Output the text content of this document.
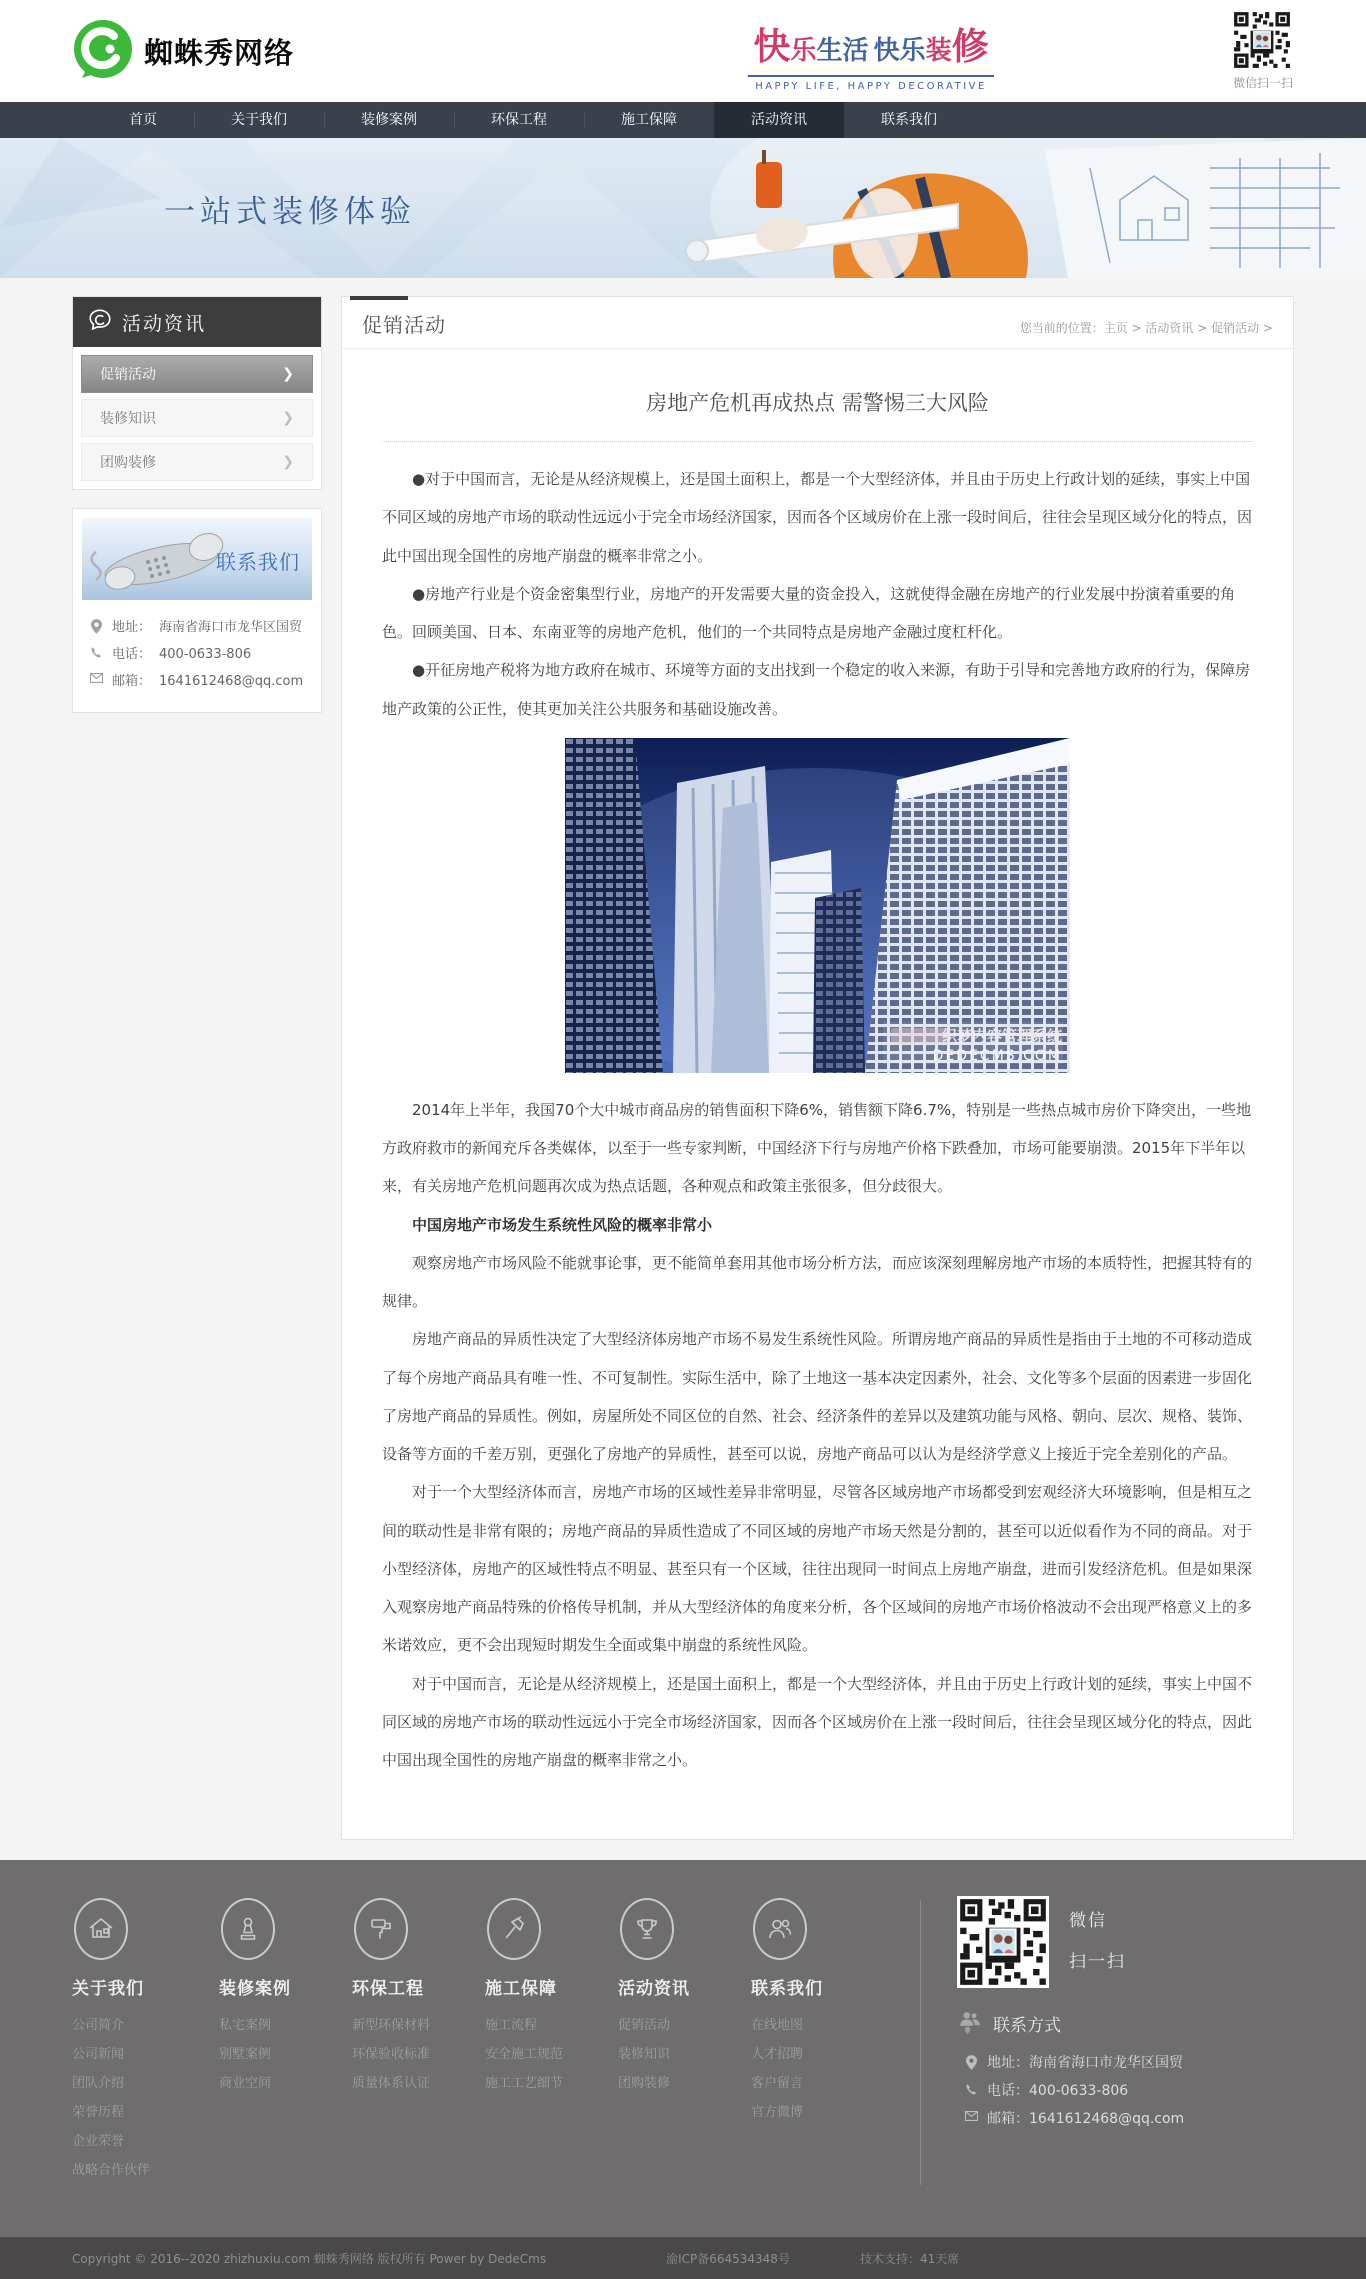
蜘蛛秀网络	快乐生活 快乐装修
HAPPY LIFE, HAPPY DECORATIVE	微信扫一扫
首页	关于我们	装修案例	环保工程	施工保障	活动资讯	联系我们
一站式装修体验
活动资讯
促销活动	❯
装修知识	❯
团购装修	❯
联系我们
地址： 海南省海口市龙华区国贸
电话： 400-0633-806
邮箱： 1641612468@qq.com
促销活动	您当前的位置：主页 > 活动资讯 > 促销活动 >
房地产危机再成热点 需警惕三大风险

●对于中国而言，无论是从经济规模上，还是国土面积上，都是一个大型经济体，并且由于历史上行政计划的延续，事实上中国不同区域的房地产市场的联动性远远小于完全市场经济国家，因而各个区域房价在上涨一段时间后，往往会呈现区域分化的特点，因此中国出现全国性的房地产崩盘的概率非常之小。

●房地产行业是个资金密集型行业，房地产的开发需要大量的资金投入，这就使得金融在房地产的行业发展中扮演着重要的角色。回顾美国、日本、东南亚等的房地产危机，他们的一个共同特点是房地产金融过度杠杆化。

●开征房地产税将为地方政府在城市、环境等方面的支出找到一个稳定的收入来源，有助于引导和完善地方政府的行为，保障房地产政策的公正性，使其更加关注公共服务和基础设施改善。

织梦内容管理系统
DEDECMS.COM

2014年上半年，我国70个大中城市商品房的销售面积下降6%，销售额下降6.7%，特别是一些热点城市房价下降突出，一些地方政府救市的新闻充斥各类媒体，以至于一些专家判断，中国经济下行与房地产价格下跌叠加，市场可能要崩溃。2015年下半年以来，有关房地产危机问题再次成为热点话题，各种观点和政策主张很多，但分歧很大。

中国房地产市场发生系统性风险的概率非常小

观察房地产市场风险不能就事论事，更不能简单套用其他市场分析方法，而应该深刻理解房地产市场的本质特性，把握其特有的规律。

房地产商品的异质性决定了大型经济体房地产市场不易发生系统性风险。所谓房地产商品的异质性是指由于土地的不可移动造成了每个房地产商品具有唯一性、不可复制性。实际生活中，除了土地这一基本决定因素外，社会、文化等多个层面的因素进一步固化了房地产商品的异质性。例如，房屋所处不同区位的自然、社会、经济条件的差异以及建筑功能与风格、朝向、层次、规格、装饰、设备等方面的千差万别，更强化了房地产的异质性，甚至可以说，房地产商品可以认为是经济学意义上接近于完全差别化的产品。

对于一个大型经济体而言，房地产市场的区域性差异非常明显，尽管各区域房地产市场都受到宏观经济大环境影响，但是相互之间的联动性是非常有限的；房地产商品的异质性造成了不同区域的房地产市场天然是分割的，甚至可以近似看作为不同的商品。对于小型经济体，房地产的区域性特点不明显、甚至只有一个区域，往往出现同一时间点上房地产崩盘，进而引发经济危机。但是如果深入观察房地产商品特殊的价格传导机制，并从大型经济体的角度来分析，各个区域间的房地产市场价格波动不会出现严格意义上的多米诺效应，更不会出现短时期发生全面或集中崩盘的系统性风险。

对于中国而言，无论是从经济规模上，还是国土面积上，都是一个大型经济体，并且由于历史上行政计划的延续，事实上中国不同区域的房地产市场的联动性远远小于完全市场经济国家，因而各个区域房价在上涨一段时间后，往往会呈现区域分化的特点，因此中国出现全国性的房地产崩盘的概率非常之小。

关于我们
公司简介
公司新闻
团队介绍
荣誉历程
企业荣誉
战略合作伙伴
装修案例
私宅案例
别墅案例
商业空间
环保工程
新型环保材料
环保验收标准
质量体系认证
施工保障
施工流程
安全施工规范
施工工艺细节
活动资讯
促销活动
装修知识
团购装修
联系我们
在线地图
人才招聘
客户留言
官方微博
微信
扫一扫
联系方式
地址：海南省海口市龙华区国贸
电话：400-0633-806
邮箱：1641612468@qq.com
Copyright © 2016--2020 zhizhuxiu.com 蜘蛛秀网络 版权所有 Power by DedeCms	渝ICP备664534348号	技术支持：41天席
